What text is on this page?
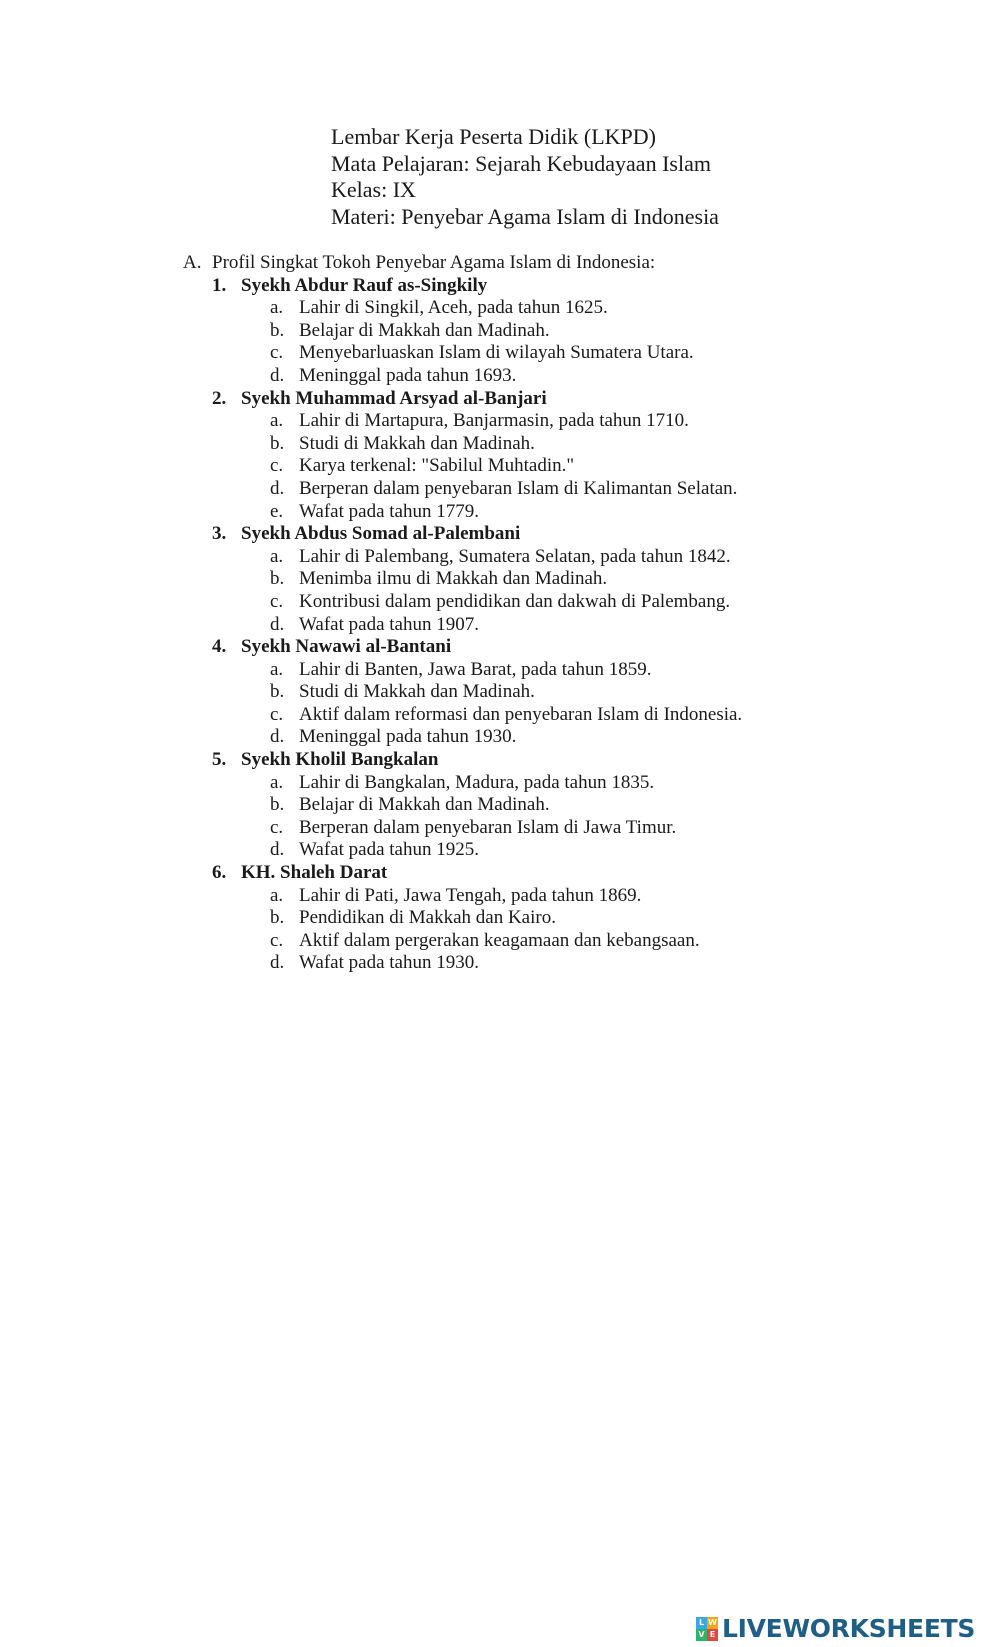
Lembar Kerja Peserta Didik (LKPD)
Mata Pelajaran: Sejarah Kebudayaan Islam
Kelas: IX
Materi: Penyebar Agama Islam di Indonesia
A. Profil Singkat Tokoh Penyebar Agama Islam di Indonesia:
1. Syekh Abdur Rauf as-Singkily
a. Lahir di Singkil, Aceh, pada tahun 1625.
b. Belajar di Makkah dan Madinah.
c. Menyebarluaskan Islam di wilayah Sumatera Utara.
d. Meninggal pada tahun 1693.
2. Syekh Muhammad Arsyad al-Banjari
a. Lahir di Martapura, Banjarmasin, pada tahun 1710.
b. Studi di Makkah dan Madinah.
c. Karya terkenal: "Sabilul Muhtadin."
d. Berperan dalam penyebaran Islam di Kalimantan Selatan.
e. Wafat pada tahun 1779.
3. Syekh Abdus Somad al-Palembani
a. Lahir di Palembang, Sumatera Selatan, pada tahun 1842.
b. Menimba ilmu di Makkah dan Madinah.
c. Kontribusi dalam pendidikan dan dakwah di Palembang.
d. Wafat pada tahun 1907.
4. Syekh Nawawi al-Bantani
a. Lahir di Banten, Jawa Barat, pada tahun 1859.
b. Studi di Makkah dan Madinah.
c. Aktif dalam reformasi dan penyebaran Islam di Indonesia.
d. Meninggal pada tahun 1930.
5. Syekh Kholil Bangkalan
a. Lahir di Bangkalan, Madura, pada tahun 1835.
b. Belajar di Makkah dan Madinah.
c. Berperan dalam penyebaran Islam di Jawa Timur.
d. Wafat pada tahun 1925.
6. KH. Shaleh Darat
a. Lahir di Pati, Jawa Tengah, pada tahun 1869.
b. Pendidikan di Makkah dan Kairo.
c. Aktif dalam pergerakan keagamaan dan kebangsaan.
d. Wafat pada tahun 1930.
L W
V E LIVEWORKSHEETS
